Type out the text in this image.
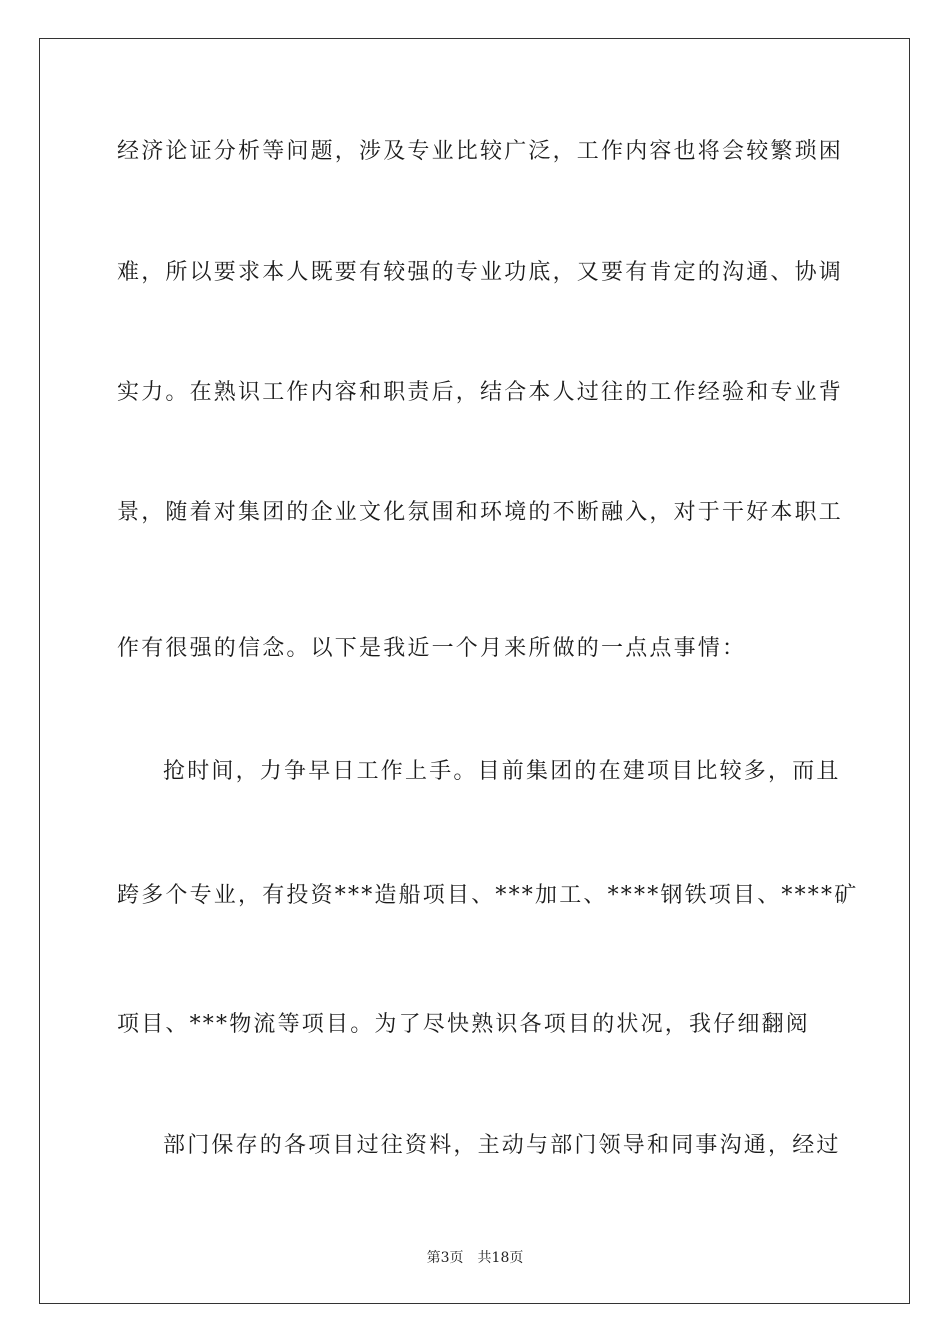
经济论证分析等问题，涉及专业比较广泛，工作内容也将会较繁琐困

难，所以要求本人既要有较强的专业功底，又要有肯定的沟通、协调

实力。在熟识工作内容和职责后，结合本人过往的工作经验和专业背

景，随着对集团的企业文化氛围和环境的不断融入，对于干好本职工

作有很强的信念。以下是我近一个月来所做的一点点事情：

抢时间，力争早日工作上手。目前集团的在建项目比较多，而且

跨多个专业，有投资***造船项目、***加工、****钢铁项目、****矿

项目、***物流等项目。为了尽快熟识各项目的状况，我仔细翻阅

部门保存的各项目过往资料，主动与部门领导和同事沟通，经过

第3页　共18页
